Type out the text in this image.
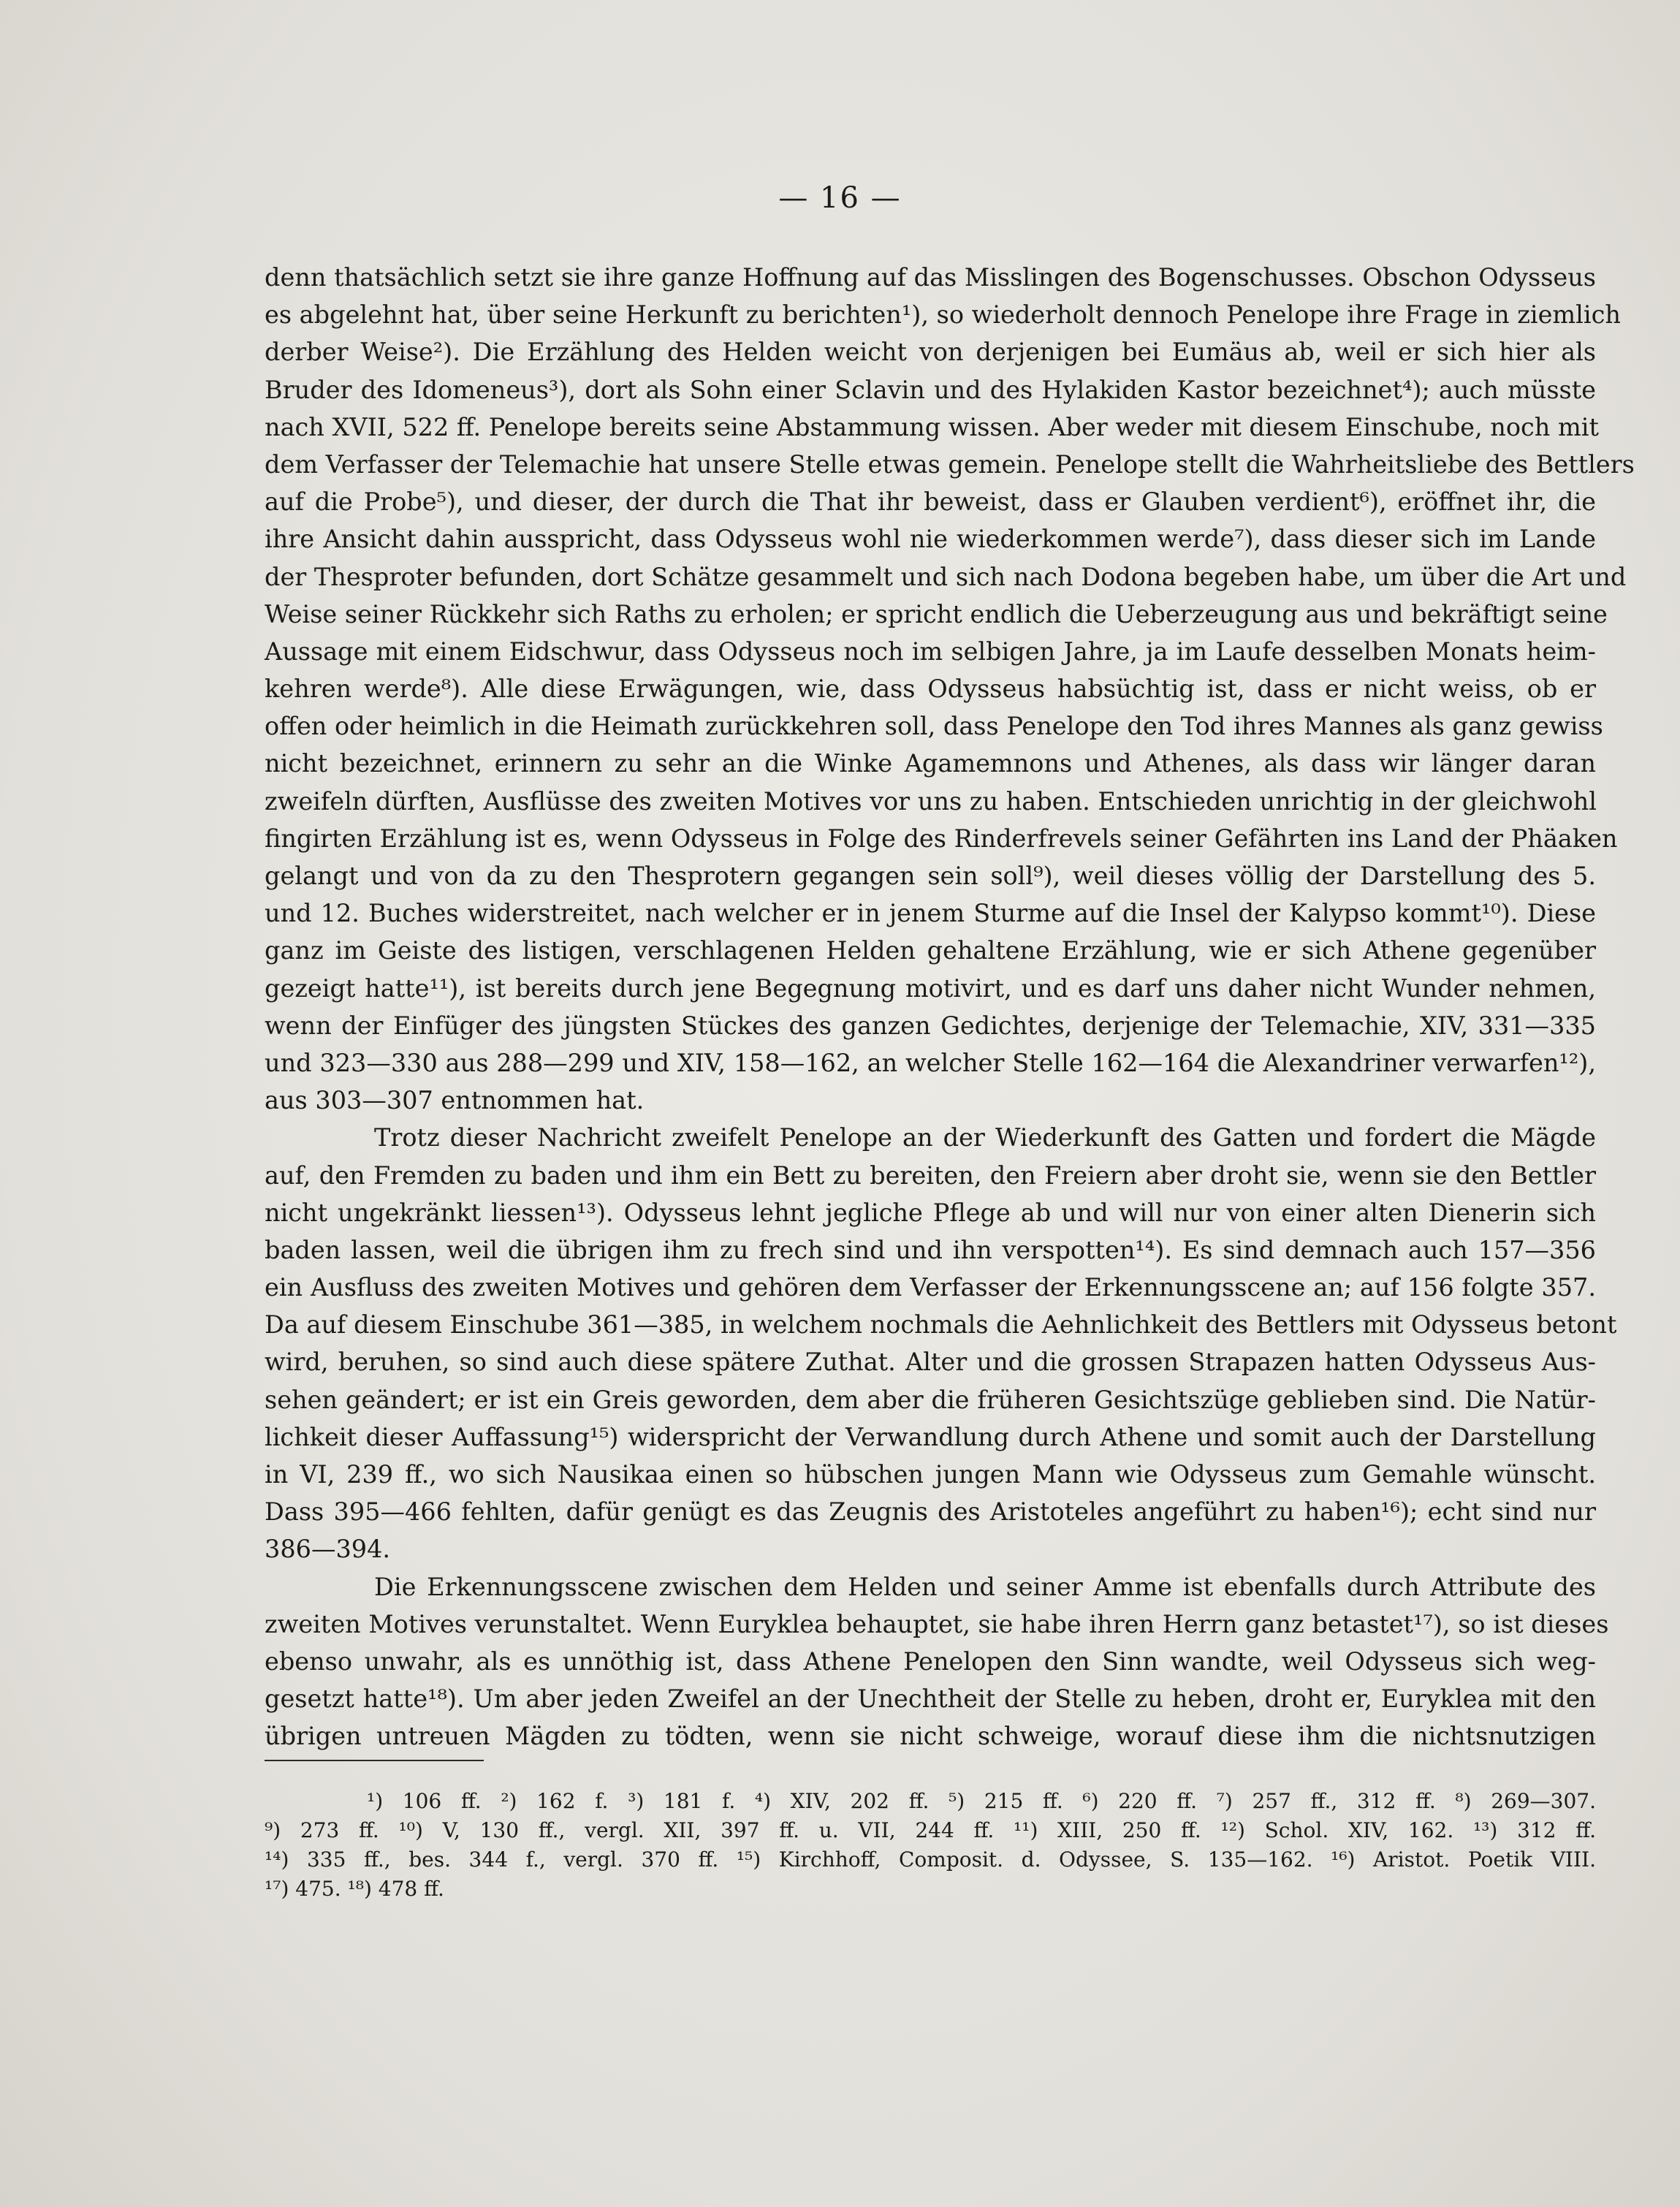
— 16 —
denn thatsächlich setzt sie ihre ganze Hoffnung auf das Misslingen des Bogenschusses. Obschon Odysseus
es abgelehnt hat, über seine Herkunft zu berichten¹), so wiederholt dennoch Penelope ihre Frage in ziemlich
derber Weise²). Die Erzählung des Helden weicht von derjenigen bei Eumäus ab, weil er sich hier als
Bruder des Idomeneus³), dort als Sohn einer Sclavin und des Hylakiden Kastor bezeichnet⁴); auch müsste
nach XVII, 522 ff. Penelope bereits seine Abstammung wissen. Aber weder mit diesem Einschube, noch mit
dem Verfasser der Telemachie hat unsere Stelle etwas gemein. Penelope stellt die Wahrheitsliebe des Bettlers
auf die Probe⁵), und dieser, der durch die That ihr beweist, dass er Glauben verdient⁶), eröffnet ihr, die
ihre Ansicht dahin ausspricht, dass Odysseus wohl nie wiederkommen werde⁷), dass dieser sich im Lande
der Thesproter befunden, dort Schätze gesammelt und sich nach Dodona begeben habe, um über die Art und
Weise seiner Rückkehr sich Raths zu erholen; er spricht endlich die Ueberzeugung aus und bekräftigt seine
Aussage mit einem Eidschwur, dass Odysseus noch im selbigen Jahre, ja im Laufe desselben Monats heim-
kehren werde⁸). Alle diese Erwägungen, wie, dass Odysseus habsüchtig ist, dass er nicht weiss, ob er
offen oder heimlich in die Heimath zurückkehren soll, dass Penelope den Tod ihres Mannes als ganz gewiss
nicht bezeichnet, erinnern zu sehr an die Winke Agamemnons und Athenes, als dass wir länger daran
zweifeln dürften, Ausflüsse des zweiten Motives vor uns zu haben. Entschieden unrichtig in der gleichwohl
fingirten Erzählung ist es, wenn Odysseus in Folge des Rinderfrevels seiner Gefährten ins Land der Phäaken
gelangt und von da zu den Thesprotern gegangen sein soll⁹), weil dieses völlig der Darstellung des 5.
und 12. Buches widerstreitet, nach welcher er in jenem Sturme auf die Insel der Kalypso kommt¹⁰). Diese
ganz im Geiste des listigen, verschlagenen Helden gehaltene Erzählung, wie er sich Athene gegenüber
gezeigt hatte¹¹), ist bereits durch jene Begegnung motivirt, und es darf uns daher nicht Wunder nehmen,
wenn der Einfüger des jüngsten Stückes des ganzen Gedichtes, derjenige der Telemachie, XIV, 331—335
und 323—330 aus 288—299 und XIV, 158—162, an welcher Stelle 162—164 die Alexandriner verwarfen¹²),
aus 303—307 entnommen hat.
Trotz dieser Nachricht zweifelt Penelope an der Wiederkunft des Gatten und fordert die Mägde
auf, den Fremden zu baden und ihm ein Bett zu bereiten, den Freiern aber droht sie, wenn sie den Bettler
nicht ungekränkt liessen¹³). Odysseus lehnt jegliche Pflege ab und will nur von einer alten Dienerin sich
baden lassen, weil die übrigen ihm zu frech sind und ihn verspotten¹⁴). Es sind demnach auch 157—356
ein Ausfluss des zweiten Motives und gehören dem Verfasser der Erkennungsscene an; auf 156 folgte 357.
Da auf diesem Einschube 361—385, in welchem nochmals die Aehnlichkeit des Bettlers mit Odysseus betont
wird, beruhen, so sind auch diese spätere Zuthat. Alter und die grossen Strapazen hatten Odysseus Aus-
sehen geändert; er ist ein Greis geworden, dem aber die früheren Gesichtszüge geblieben sind. Die Natür-
lichkeit dieser Auffassung¹⁵) widerspricht der Verwandlung durch Athene und somit auch der Darstellung
in VI, 239 ff., wo sich Nausikaa einen so hübschen jungen Mann wie Odysseus zum Gemahle wünscht.
Dass 395—466 fehlten, dafür genügt es das Zeugnis des Aristoteles angeführt zu haben¹⁶); echt sind nur
386—394.
Die Erkennungsscene zwischen dem Helden und seiner Amme ist ebenfalls durch Attribute des
zweiten Motives verunstaltet. Wenn Euryklea behauptet, sie habe ihren Herrn ganz betastet¹⁷), so ist dieses
ebenso unwahr, als es unnöthig ist, dass Athene Penelopen den Sinn wandte, weil Odysseus sich weg-
gesetzt hatte¹⁸). Um aber jeden Zweifel an der Unechtheit der Stelle zu heben, droht er, Euryklea mit den
übrigen untreuen Mägden zu tödten, wenn sie nicht schweige, worauf diese ihm die nichtsnutzigen
¹) 106 ff. ²) 162 f. ³) 181 f. ⁴) XIV, 202 ff. ⁵) 215 ff. ⁶) 220 ff. ⁷) 257 ff., 312 ff. ⁸) 269—307.
⁹) 273 ff. ¹⁰) V, 130 ff., vergl. XII, 397 ff. u. VII, 244 ff. ¹¹) XIII, 250 ff. ¹²) Schol. XIV, 162. ¹³) 312 ff.
¹⁴) 335 ff., bes. 344 f., vergl. 370 ff. ¹⁵) Kirchhoff, Composit. d. Odyssee, S. 135—162. ¹⁶) Aristot. Poetik VIII.
¹⁷) 475. ¹⁸) 478 ff.
